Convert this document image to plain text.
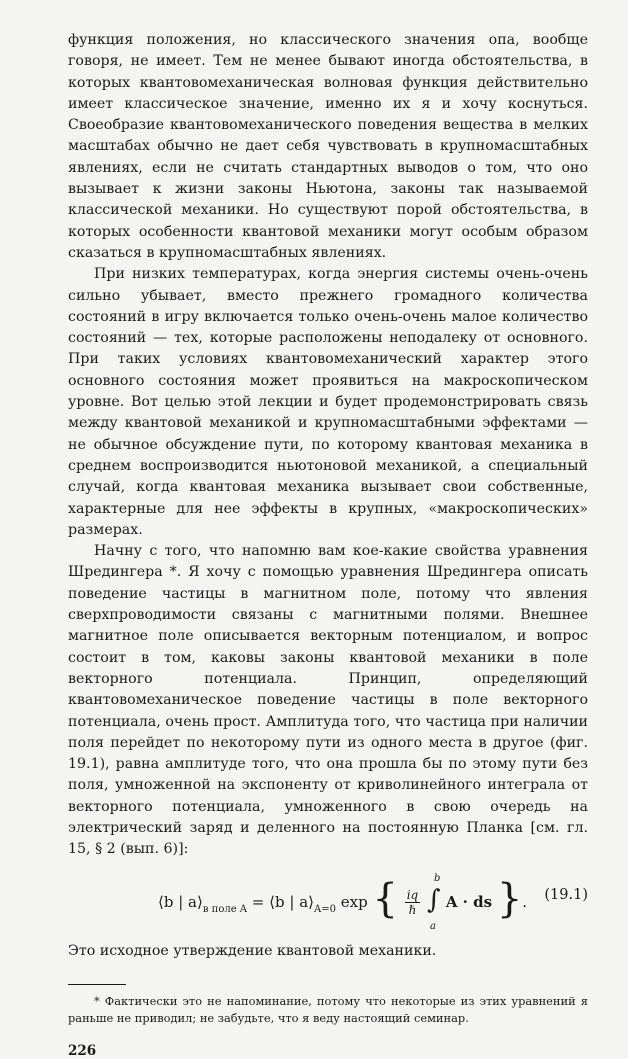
функция положения, но классического значения опа, вообще говоря, не имеет. Тем не менее бывают иногда обстоятельства, в которых квантовомеханическая волновая функция действительно имеет классическое значение, именно их я и хочу коснуться. Своеобразие квантовомеханического поведения вещества в мелких масштабах обычно не дает себя чувствовать в крупномасштабных явлениях, если не считать стандартных выводов о том, что оно вызывает к жизни законы Ньютона, законы так называемой классической механики. Но существуют порой обстоятельства, в которых особенности квантовой механики могут особым образом сказаться в крупномасштабных явлениях.

При низких температурах, когда энергия системы очень-очень сильно убывает, вместо прежнего громадного количества состояний в игру включается только очень-очень малое количество состояний — тех, которые расположены неподалеку от основного. При таких условиях квантовомеханический характер этого основного состояния может проявиться на макроскопическом уровне. Вот целью этой лекции и будет продемонстрировать связь между квантовой механикой и крупномасштабными эффектами — не обычное обсуждение пути, по которому квантовая механика в среднем воспроизводится ньютоновой механикой, а специальный случай, когда квантовая механика вызывает свои собственные, характерные для нее эффекты в крупных, «макроскопических» размерах.

Начну с того, что напомню вам кое-какие свойства уравнения Шредингера *. Я хочу с помощью уравнения Шредингера описать поведение частицы в магнитном поле, потому что явления сверхпроводимости связаны с магнитными полями. Внешнее магнитное поле описывается векторным потенциалом, и вопрос состоит в том, каковы законы квантовой механики в поле векторного потенциала. Принцип, определяющий квантовомеханическое поведение частицы в поле векторного потенциала, очень прост. Амплитуда того, что частица при наличии поля перейдет по некоторому пути из одного места в другое (фиг. 19.1), равна амплитуде того, что она прошла бы по этому пути без поля, умноженной на экспоненту от криволинейного интеграла от векторного потенциала, умноженного в свою очередь на электрический заряд и деленного на постоянную Планка [см. гл. 15, § 2 (вып. 6)]:

⟨b | $a⟩_{в поле A}$ = ⟨b | $a⟩_{A=0}$ exp { $\frac{iq}{\text{ℏ}}$

b
∫
a
A · ds }. (19.1)

Это исходное утверждение квантовой механики.

* Фактически это не напоминание, потому что некоторые из этих уравнений я раньше не приводил; не забудьте, что я веду настоящий семинар.

226
